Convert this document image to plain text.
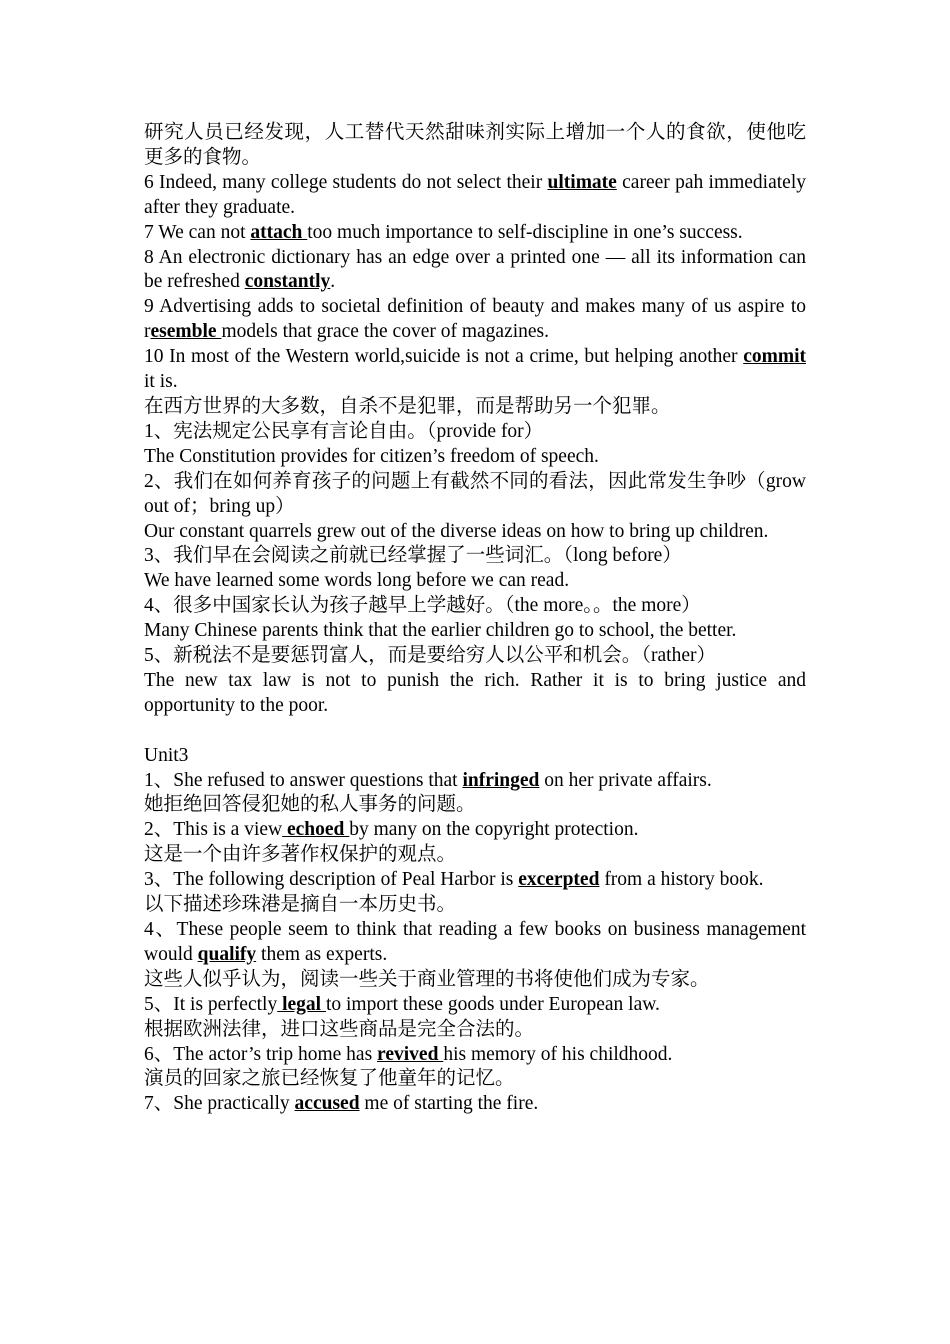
研究人员已经发现，人工替代天然甜味剂实际上增加一个人的食欲，使他吃更多的食物。
6 Indeed, many college students do not select their ultimate career pah immediately after they graduate.
7 We can not attach too much importance to self-discipline in one’s success.
8 An electronic dictionary has an edge over a printed one — all its information can be refreshed constantly.
9 Advertising adds to societal definition of beauty and makes many of us aspire to resemble models that grace the cover of magazines.
10 In most of the Western world,suicide is not a crime, but helping another commit it is.
在西方世界的大多数，自杀不是犯罪，而是帮助另一个犯罪。
1、宪法规定公民享有言论自由。（provide for）
The Constitution provides for citizen’s freedom of speech.
2、我们在如何养育孩子的问题上有截然不同的看法，因此常发生争吵（grow out of；bring up）
Our constant quarrels grew out of the diverse ideas on how to bring up children.
3、我们早在会阅读之前就已经掌握了一些词汇。（long before）
We have learned some words long before we can read.
4、很多中国家长认为孩子越早上学越好。（the more。。the more）
Many Chinese parents think that the earlier children go to school, the better.
5、新税法不是要惩罚富人，而是要给穷人以公平和机会。（rather）
The new tax law is not to punish the rich. Rather it is to bring justice and opportunity to the poor.
Unit3
1、She refused to answer questions that infringed on her private affairs.
她拒绝回答侵犯她的私人事务的问题。
2、This is a view echoed by many on the copyright protection.
这是一个由许多著作权保护的观点。
3、The following description of Peal Harbor is excerpted from a history book.
以下描述珍珠港是摘自一本历史书。
4、These people seem to think that reading a few books on business management would qualify them as experts.
这些人似乎认为，阅读一些关于商业管理的书将使他们成为专家。
5、It is perfectly legal to import these goods under European law.
根据欧洲法律，进口这些商品是完全合法的。
6、The actor’s trip home has revived his memory of his childhood.
演员的回家之旅已经恢复了他童年的记忆。
7、She practically accused me of starting the fire.
